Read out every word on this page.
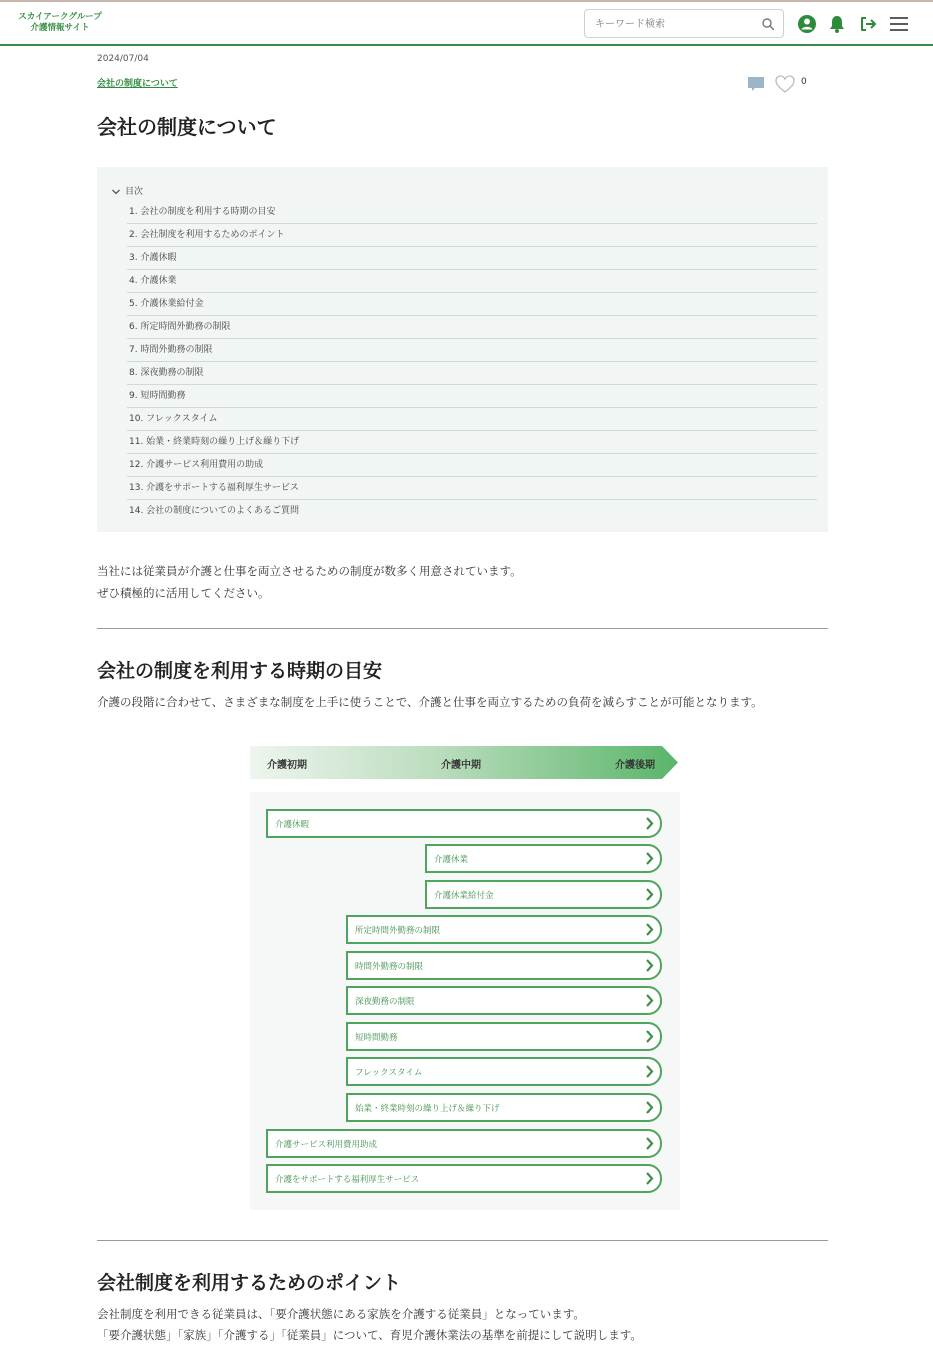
スカイアークグループ
介護情報サイト
キーワード検索
2024/07/04
会社の制度について	0
会社の制度について
目次
1. 会社の制度を利用する時期の目安
2. 会社制度を利用するためのポイント
3. 介護休暇
4. 介護休業
5. 介護休業給付金
6. 所定時間外勤務の制限
7. 時間外勤務の制限
8. 深夜勤務の制限
9. 短時間勤務
10. フレックスタイム
11. 始業・終業時刻の繰り上げ＆繰り下げ
12. 介護サービス利用費用の助成
13. 介護をサポートする福利厚生サービス
14. 会社の制度についてのよくあるご質問
当社には従業員が介護と仕事を両立させるための制度が数多く用意されています。
ぜひ積極的に活用してください。
会社の制度を利用する時期の目安

介護の段階に合わせて、さまざまな制度を上手に使うことで、介護と仕事を両立するための負荷を減らすことが可能となります。

介護初期	介護中期	介護後期
介護休暇
介護休業
介護休業給付金
所定時間外勤務の制限
時間外勤務の制限
深夜勤務の制限
短時間勤務
フレックスタイム
始業・終業時刻の繰り上げ＆繰り下げ
介護サービス利用費用助成
介護をサポートする福利厚生サービス
会社制度を利用するためのポイント
会社制度を利用できる従業員は、「要介護状態にある家族を介護する従業員」となっています。
「要介護状態」「家族」「介護する」「従業員」について、育児介護休業法の基準を前提にして説明します。
